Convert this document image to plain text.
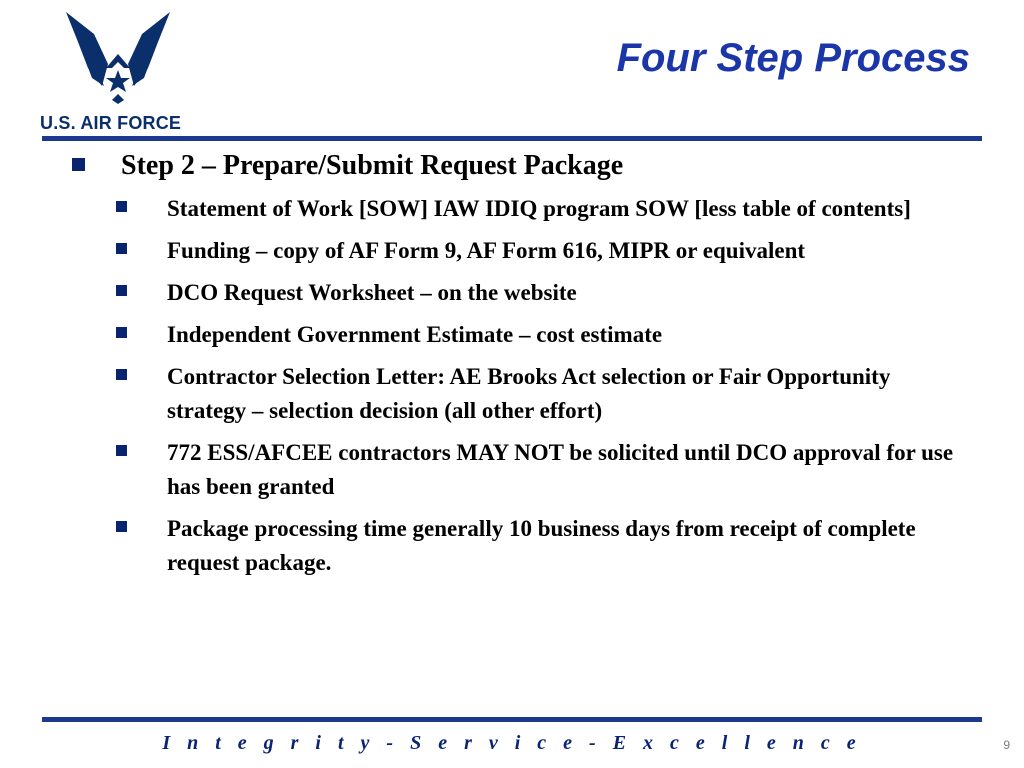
U.S. AIR FORCE
Four Step Process
Step 2 – Prepare/Submit Request Package
Statement of Work [SOW] IAW IDIQ program SOW [less table of contents]
Funding – copy of AF Form 9, AF Form 616, MIPR or equivalent
DCO Request Worksheet – on the website
Independent Government Estimate – cost estimate
Contractor Selection Letter: AE Brooks Act selection or Fair Opportunity strategy – selection decision (all other effort)
772 ESS/AFCEE contractors MAY NOT be solicited until DCO approval for use has been granted
Package processing time generally 10 business days from receipt of complete request package.
I n t e g r i t y - S e r v i c e - E x c e l l e n c e	9
